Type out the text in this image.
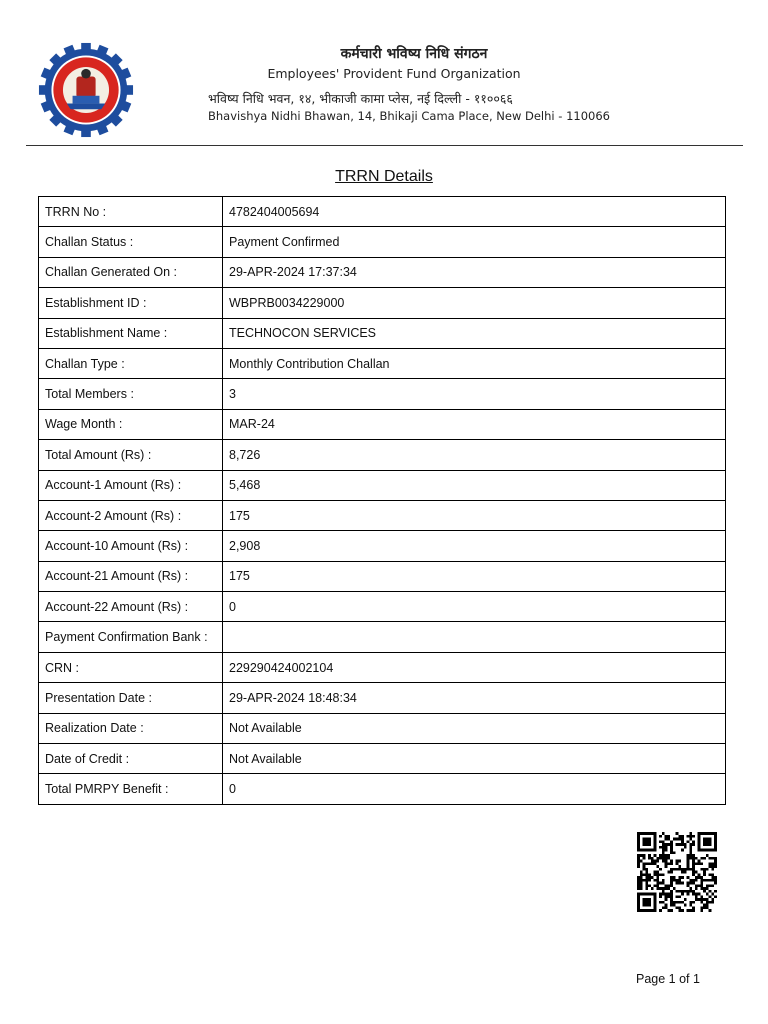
कर्मचारी भविष्य निधि संगठन
Employees' Provident Fund Organization
भविष्य निधि भवन, १४, भीकाजी कामा प्लेस, नई दिल्ली - ११००६६
Bhavishya Nidhi Bhawan, 14, Bhikaji Cama Place, New Delhi - 110066
TRRN Details
TRRN No :	4782404005694
Challan Status :	Payment Confirmed
Challan Generated On :	29-APR-2024 17:37:34
Establishment ID :	WBPRB0034229000
Establishment Name :	TECHNOCON SERVICES
Challan Type :	Monthly Contribution Challan
Total Members :	3
Wage Month :	MAR-24
Total Amount (Rs) :	8,726
Account-1 Amount (Rs) :	5,468
Account-2 Amount (Rs) :	175
Account-10 Amount (Rs) :	2,908
Account-21 Amount (Rs) :	175
Account-22 Amount (Rs) :	0
Payment Confirmation Bank :	
CRN :	229290424002104
Presentation Date :	29-APR-2024 18:48:34
Realization Date :	Not Available
Date of Credit :	Not Available
Total PMRPY Benefit :	0
Page 1 of 1
